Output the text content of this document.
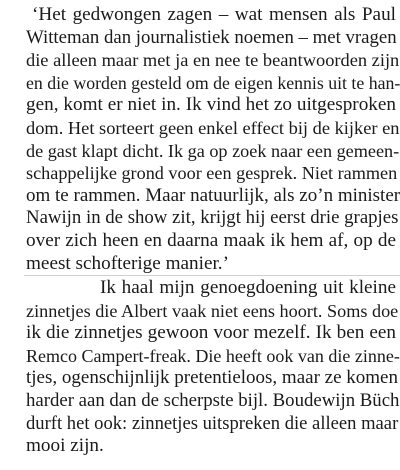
‘Het gedwongen zagen – wat mensen als Paul
Witteman dan journalistiek noemen – met vragen
die alleen maar met ja en nee te beantwoorden zijn
en die worden gesteld om de eigen kennis uit te han-
gen, komt er niet in. Ik vind het zo uitgesproken
dom. Het sorteert geen enkel effect bij de kijker en
de gast klapt dicht. Ik ga op zoek naar een gemeen-
schappelijke grond voor een gesprek. Niet rammen
om te rammen. Maar natuurlijk, als zo’n minister
Nawijn in de show zit, krijgt hij eerst drie grapjes
over zich heen en daarna maak ik hem af, op de
meest schofterige manier.’
Ik haal mijn genoegdoening uit kleine
zinnetjes die Albert vaak niet eens hoort. Soms doe
ik die zinnetjes gewoon voor mezelf. Ik ben een
Remco Campert-freak. Die heeft ook van die zinne-
tjes, ogenschijnlijk pretentieloos, maar ze komen
harder aan dan de scherpste bijl. Boudewijn Büch
durft het ook: zinnetjes uitspreken die alleen maar
mooi zijn.
